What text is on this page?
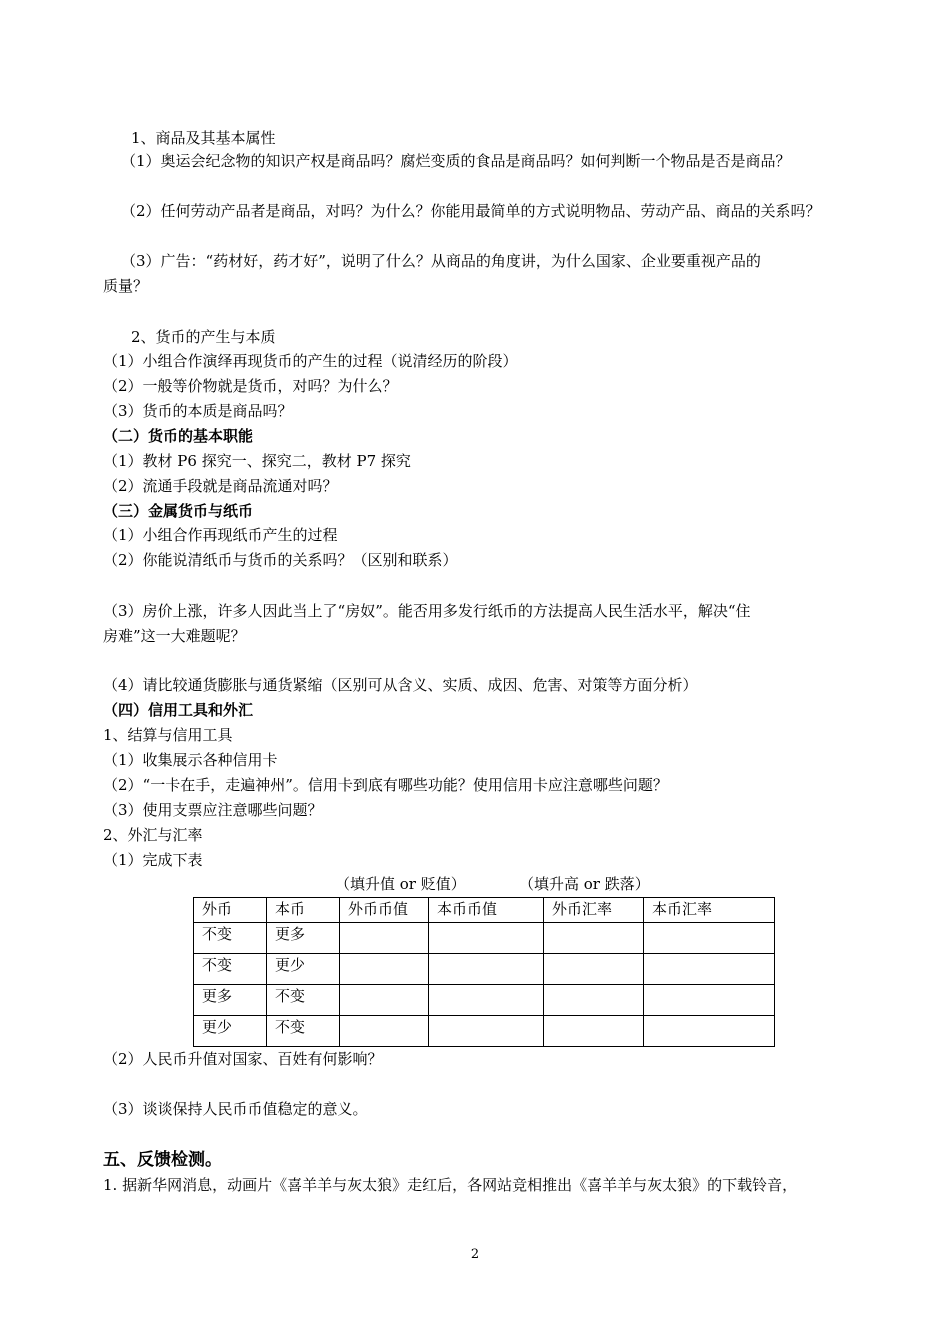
1、商品及其基本属性
（1）奥运会纪念物的知识产权是商品吗？腐烂变质的食品是商品吗？如何判断一个物品是否是商品？
（2）任何劳动产品者是商品，对吗？为什么？你能用最简单的方式说明物品、劳动产品、商品的关系吗？
（3）广告：“药材好，药才好”，说明了什么？从商品的角度讲，为什么国家、企业要重视产品的
质量？
2、货币的产生与本质
（1）小组合作演绎再现货币的产生的过程（说清经历的阶段）
（2）一般等价物就是货币，对吗？为什么？
（3）货币的本质是商品吗？
（二）货币的基本职能
（1）教材 P6 探究一、探究二，教材 P7 探究
（2）流通手段就是商品流通对吗？
（三）金属货币与纸币
（1）小组合作再现纸币产生的过程
（2）你能说清纸币与货币的关系吗？（区别和联系）
（3）房价上涨，许多人因此当上了“房奴”。能否用多发行纸币的方法提高人民生活水平，解决“住
房难”这一大难题呢？
（4）请比较通货膨胀与通货紧缩（区别可从含义、实质、成因、危害、对策等方面分析）
（四）信用工具和外汇
1、结算与信用工具
（1）收集展示各种信用卡
（2）“一卡在手，走遍神州”。信用卡到底有哪些功能？使用信用卡应注意哪些问题？
（3）使用支票应注意哪些问题？
2、外汇与汇率
（1）完成下表
（填升值 or 贬值）	（填升高 or 跌落）
外币	本币	外币币值	本币币值	外币汇率	本币汇率
不变	更多				
不变	更少				
更多	不变				
更少	不变				
（2）人民币升值对国家、百姓有何影响？
（3）谈谈保持人民币币值稳定的意义。
五、反馈检测。
1. 据新华网消息，动画片《喜羊羊与灰太狼》走红后，各网站竞相推出《喜羊羊与灰太狼》的下载铃音，
2
